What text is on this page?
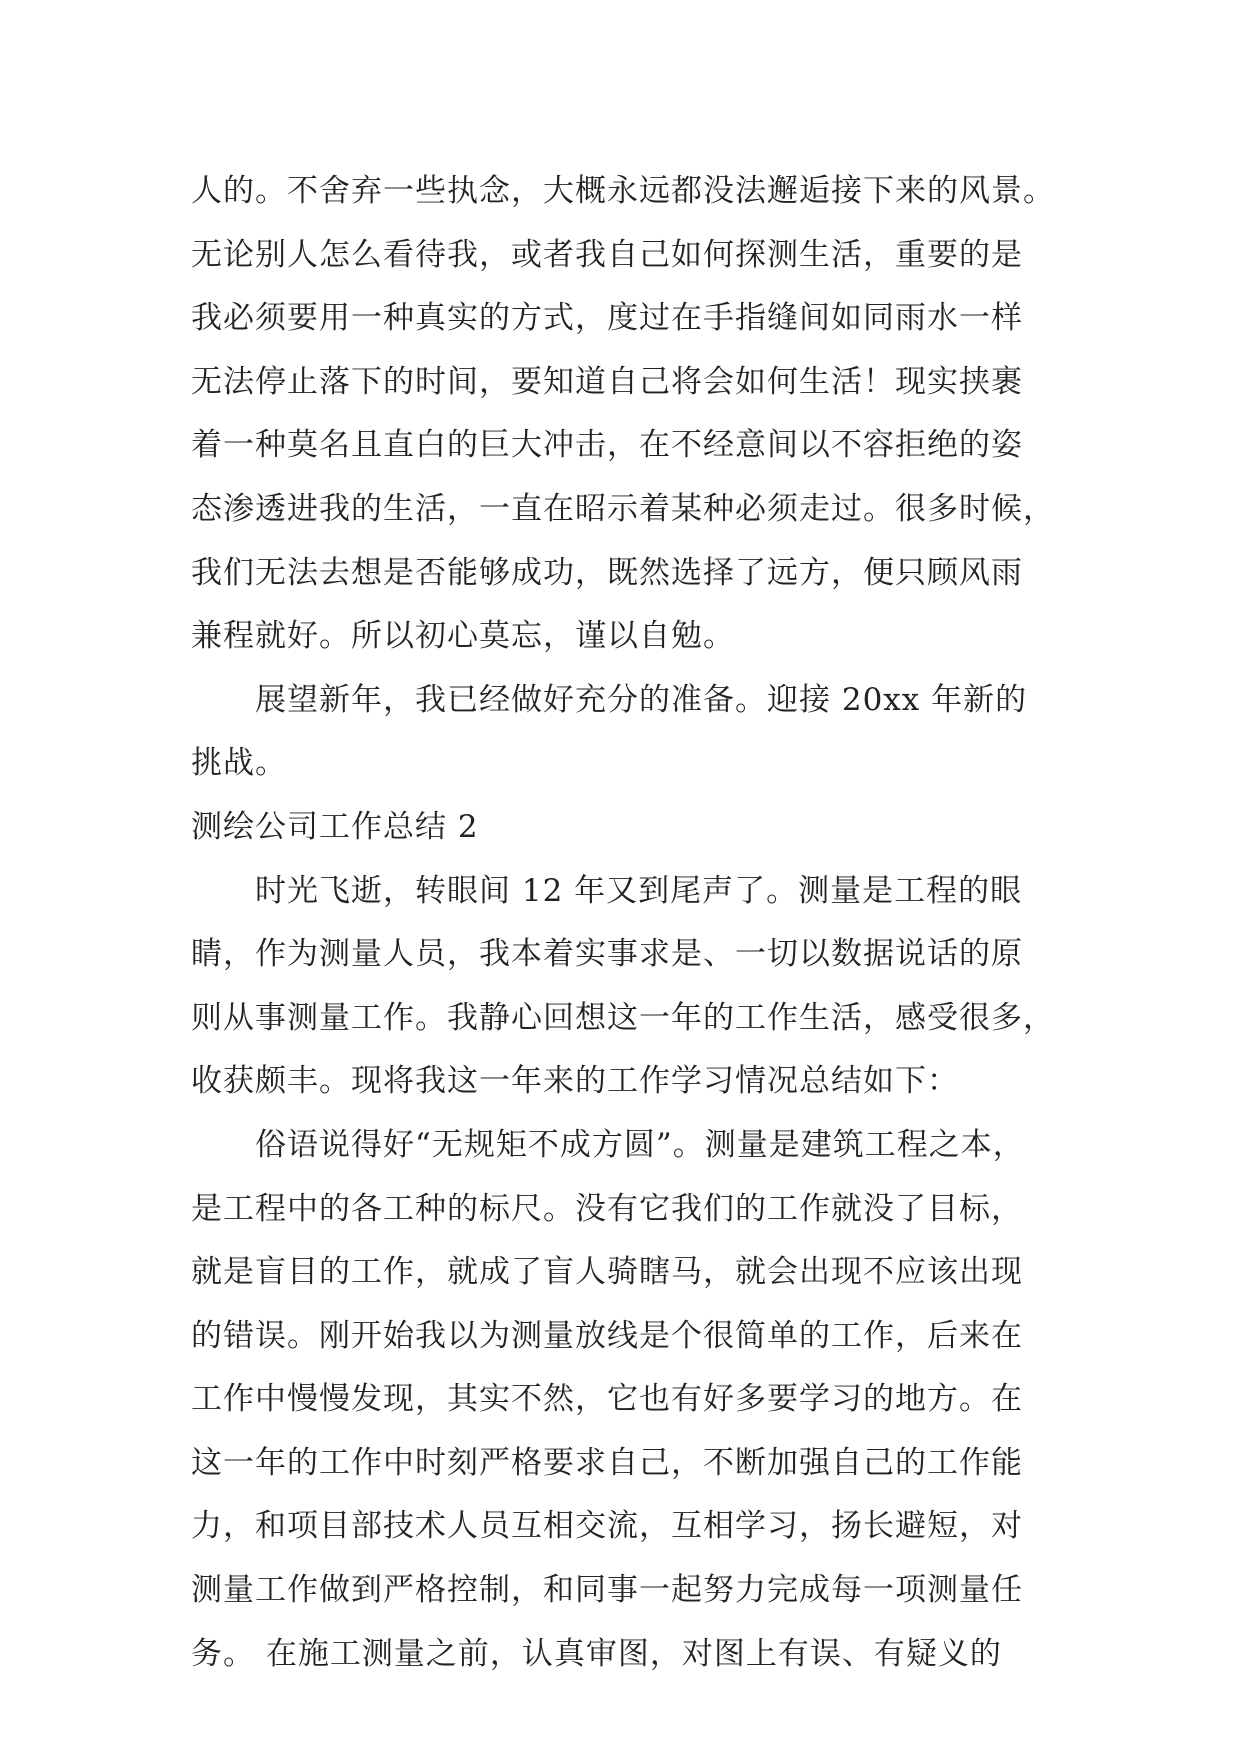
人的。不舍弃一些执念，大概永远都没法邂逅接下来的风景。
无论别人怎么看待我，或者我自己如何探测生活，重要的是
我必须要用一种真实的方式，度过在手指缝间如同雨水一样
无法停止落下的时间，要知道自己将会如何生活！现实挟裹
着一种莫名且直白的巨大冲击，在不经意间以不容拒绝的姿
态渗透进我的生活，一直在昭示着某种必须走过。很多时候，
我们无法去想是否能够成功，既然选择了远方，便只顾风雨
兼程就好。所以初心莫忘，谨以自勉。
展望新年，我已经做好充分的准备。迎接 20xx 年新的
挑战。
测绘公司工作总结 2
时光飞逝，转眼间 12 年又到尾声了。测量是工程的眼
睛，作为测量人员，我本着实事求是、一切以数据说话的原
则从事测量工作。我静心回想这一年的工作生活，感受很多，
收获颇丰。现将我这一年来的工作学习情况总结如下：
俗语说得好“无规矩不成方圆”。测量是建筑工程之本，
是工程中的各工种的标尺。没有它我们的工作就没了目标，
就是盲目的工作，就成了盲人骑瞎马，就会出现不应该出现
的错误。刚开始我以为测量放线是个很简单的工作，后来在
工作中慢慢发现，其实不然，它也有好多要学习的地方。在
这一年的工作中时刻严格要求自己，不断加强自己的工作能
力，和项目部技术人员互相交流，互相学习，扬长避短，对
测量工作做到严格控制，和同事一起努力完成每一项测量任
务。 在施工测量之前，认真审图，对图上有误、有疑义的
